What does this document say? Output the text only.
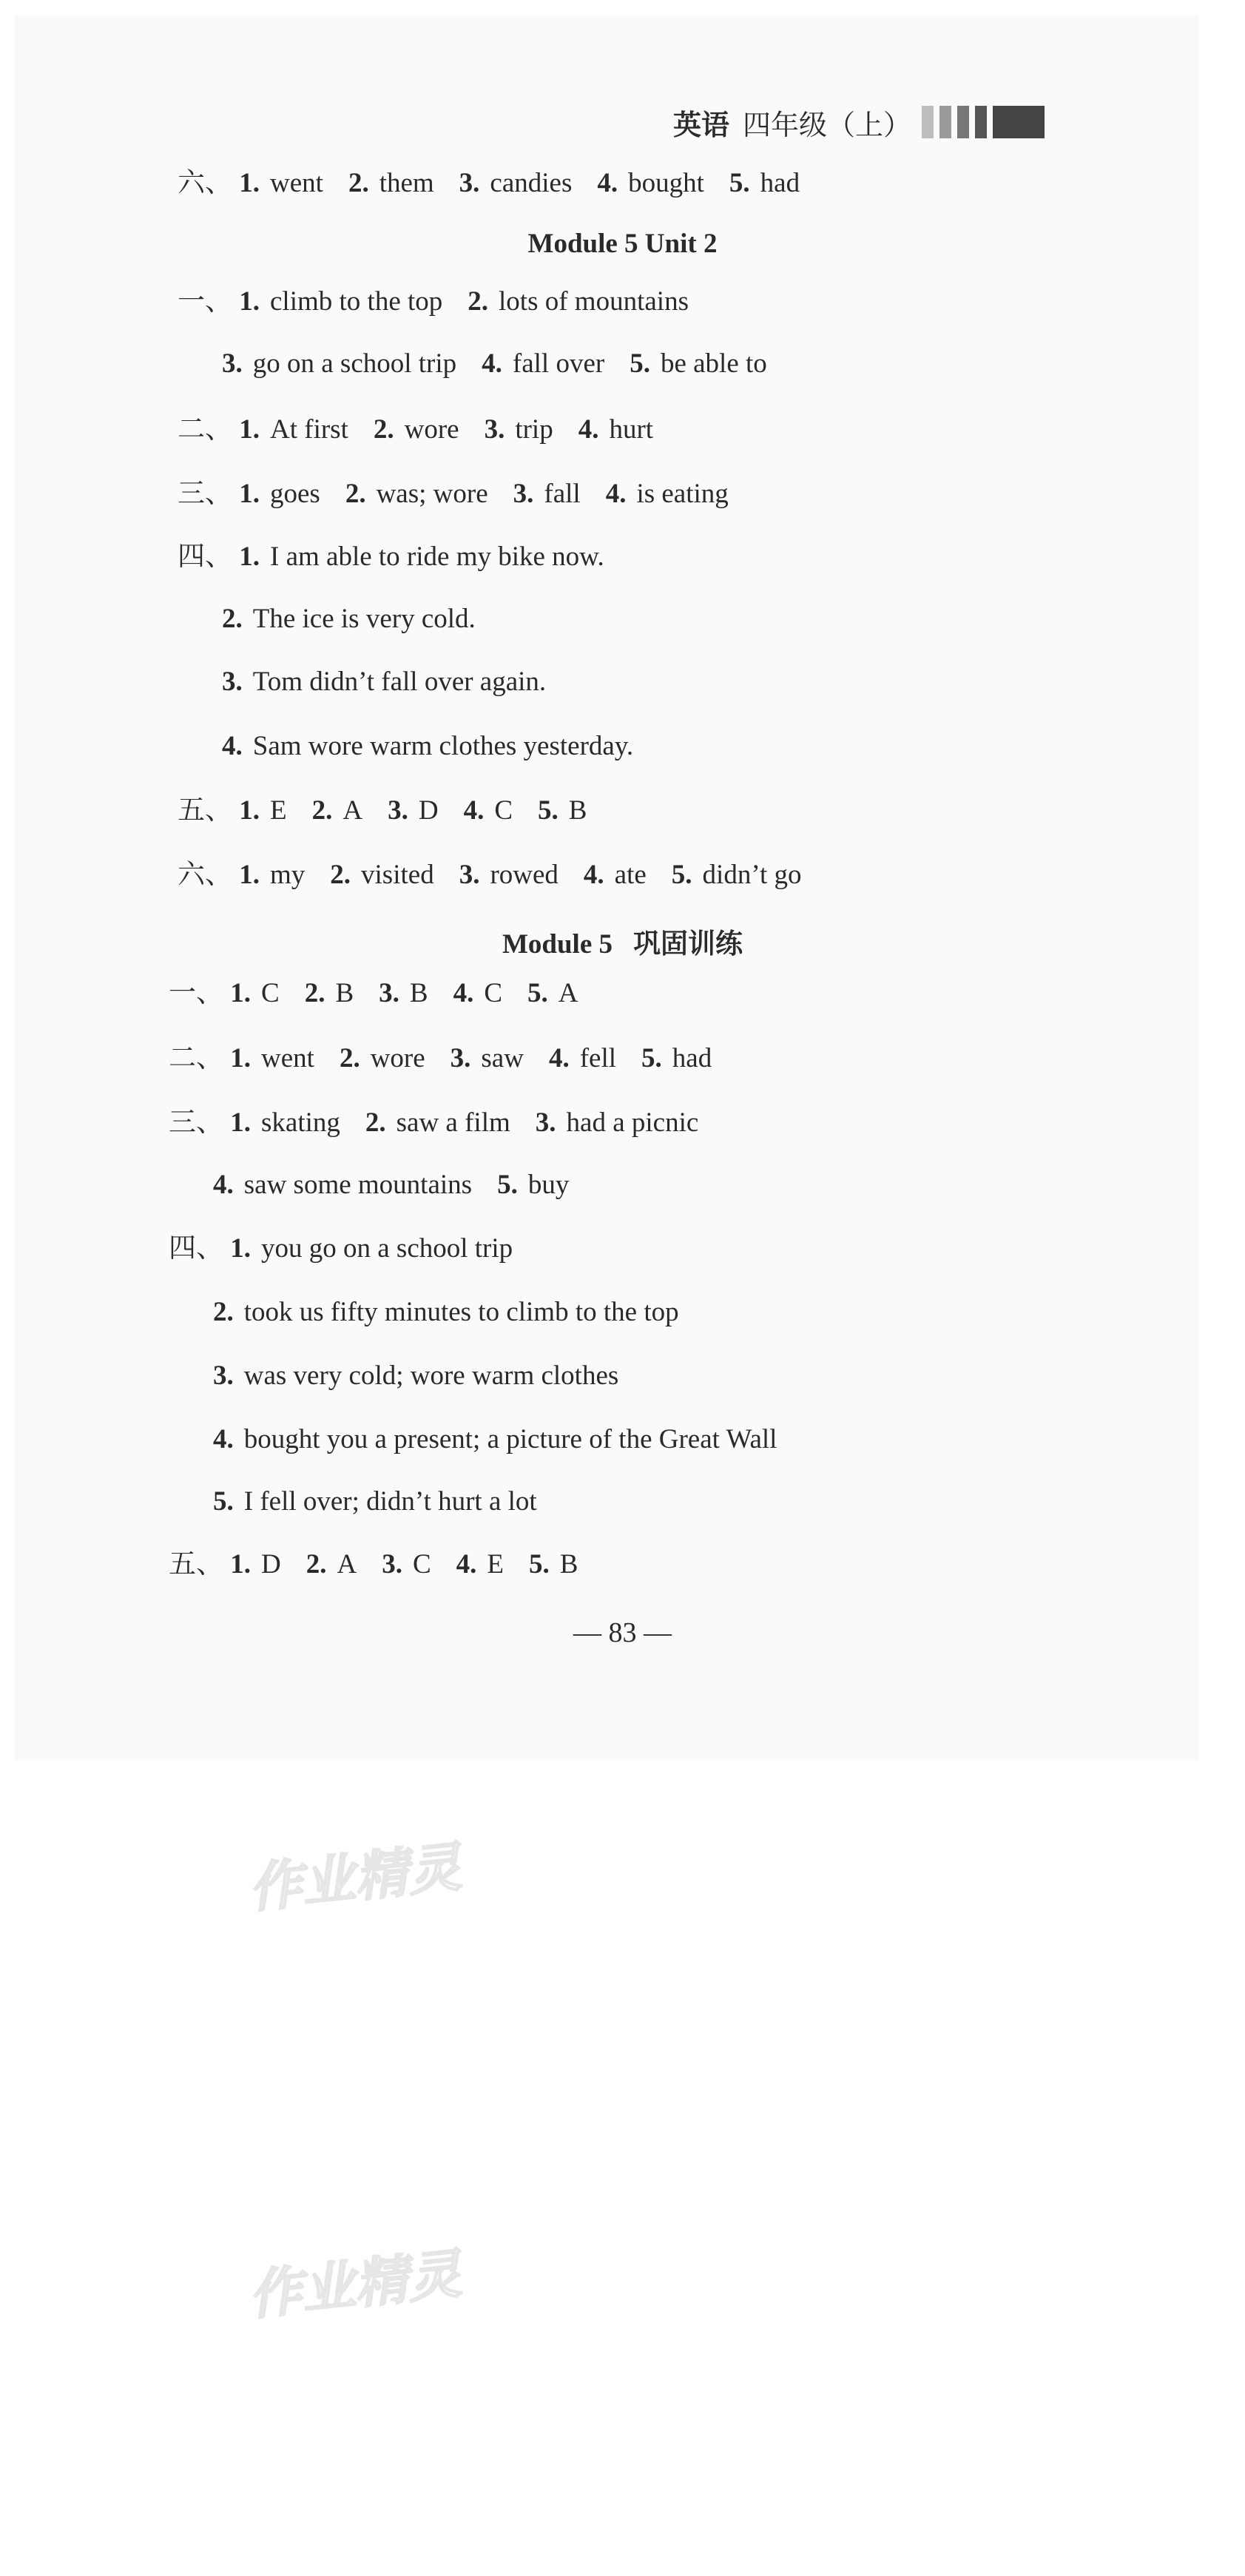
英语 四年级（上）
六、 1. went 2. them 3. candies 4. bought 5. had
Module 5 Unit 2
一、 1. climb to the top 2. lots of mountains
3. go on a school trip 4. fall over 5. be able to
二、 1. At first 2. wore 3. trip 4. hurt
三、 1. goes 2. was; wore 3. fall 4. is eating
四、 1. I am able to ride my bike now.
2. The ice is very cold.
3. Tom didn’t fall over again.
4. Sam wore warm clothes yesterday.
五、 1. E 2. A 3. D 4. C 5. B
六、 1. my 2. visited 3. rowed 4. ate 5. didn’t go
Module 5 巩固训练
一、 1. C 2. B 3. B 4. C 5. A
二、 1. went 2. wore 3. saw 4. fell 5. had
三、 1. skating 2. saw a film 3. had a picnic
4. saw some mountains 5. buy
四、 1. you go on a school trip
2. took us fifty minutes to climb to the top
3. was very cold; wore warm clothes
4. bought you a present; a picture of the Great Wall
5. I fell over; didn’t hurt a lot
五、 1. D 2. A 3. C 4. E 5. B
— 83 —
作业精灵
作业精灵
